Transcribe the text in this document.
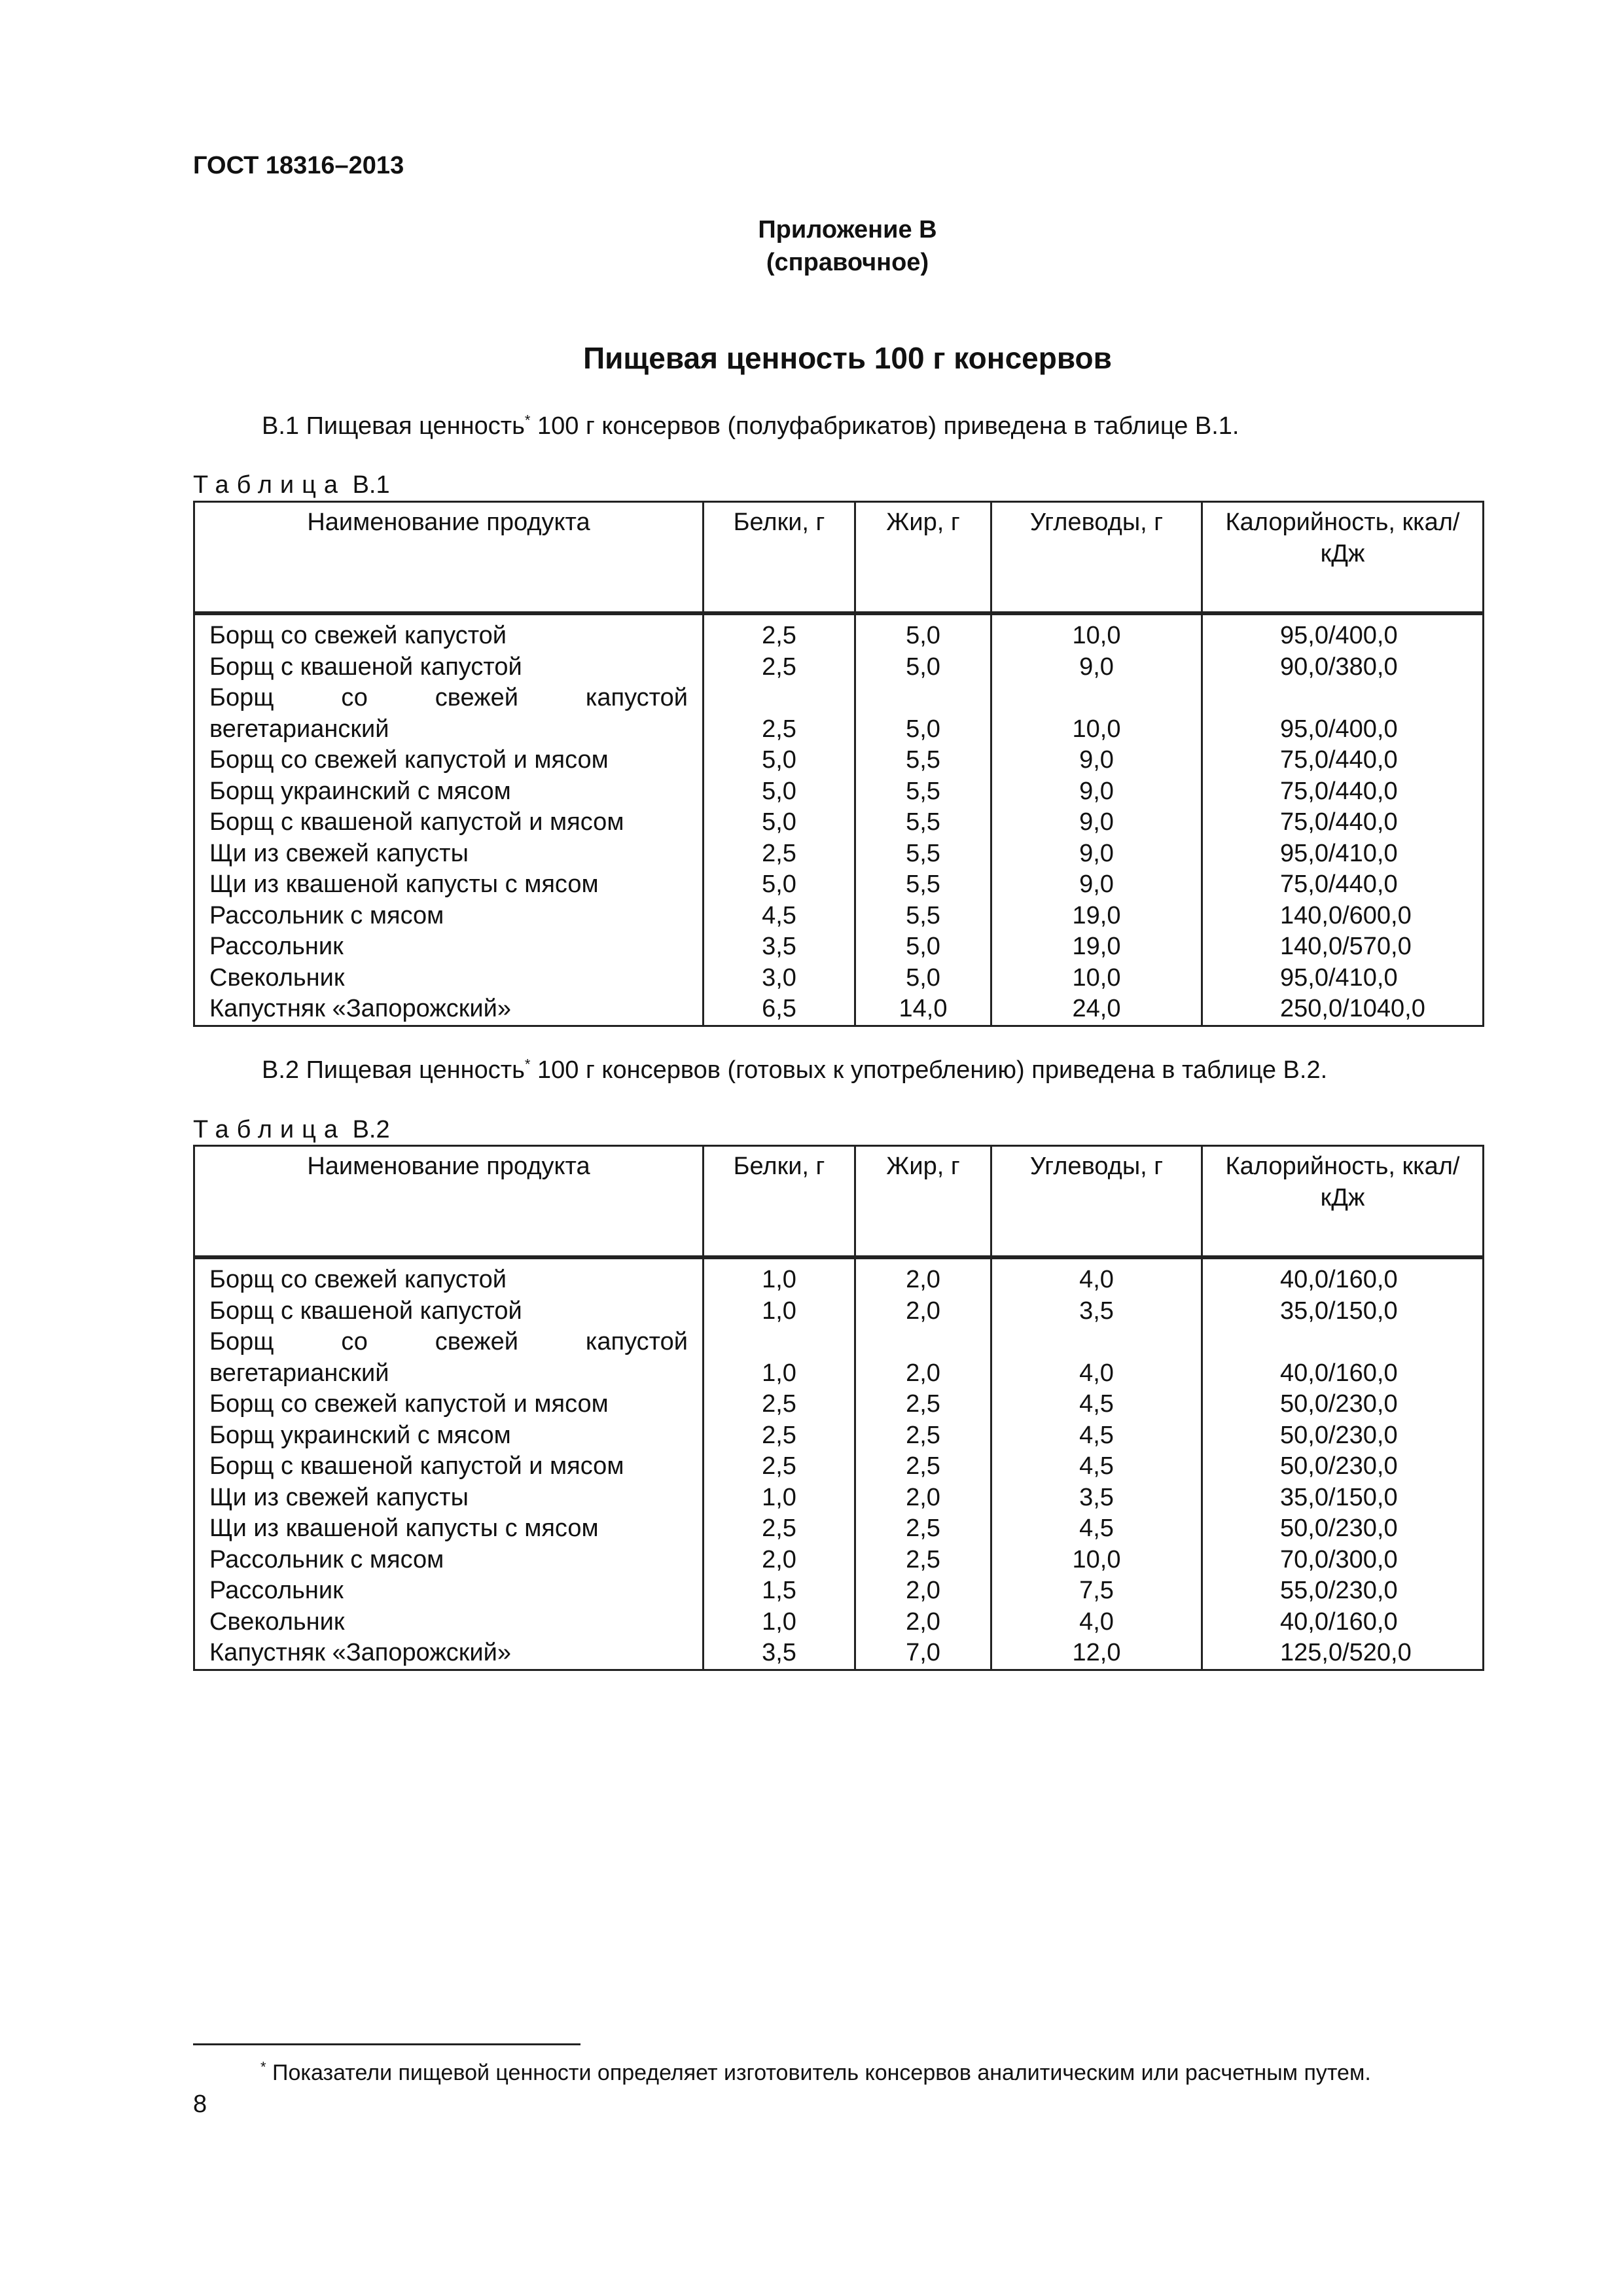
ГОСТ 18316–2013
Приложение В
(справочное)
Пищевая ценность 100 г консервов
В.1 Пищевая ценность* 100 г консервов (полуфабрикатов) приведена в таблице В.1.
Таблица В.1
Наименование продукта	Белки, г	Жир, г	Углеводы, г	Калорийность, ккал/кДж
Борщ со свежей капустой	2,5	5,0	10,0	95,0/400,0
Борщ с квашеной капустой	2,5	5,0	9,0	90,0/380,0
Борщ со свежей капустой вегетарианский	2,5	5,0	10,0	95,0/400,0
Борщ со свежей капустой и мясом	5,0	5,5	9,0	75,0/440,0
Борщ украинский с мясом	5,0	5,5	9,0	75,0/440,0
Борщ с квашеной капустой и мясом	5,0	5,5	9,0	75,0/440,0
Щи из свежей капусты	2,5	5,5	9,0	95,0/410,0
Щи из квашеной капусты с мясом	5,0	5,5	9,0	75,0/440,0
Рассольник с мясом	4,5	5,5	19,0	140,0/600,0
Рассольник	3,5	5,0	19,0	140,0/570,0
Свекольник	3,0	5,0	10,0	95,0/410,0
Капустняк «Запорожский»	6,5	14,0	24,0	250,0/1040,0
В.2 Пищевая ценность* 100 г консервов (готовых к употреблению) приведена в таблице В.2.
Таблица В.2
Наименование продукта	Белки, г	Жир, г	Углеводы, г	Калорийность, ккал/ кДж
Борщ со свежей капустой	1,0	2,0	4,0	40,0/160,0
Борщ с квашеной капустой	1,0	2,0	3,5	35,0/150,0
Борщ со свежей капустой вегетарианский	1,0	2,0	4,0	40,0/160,0
Борщ со свежей капустой и мясом	2,5	2,5	4,5	50,0/230,0
Борщ украинский с мясом	2,5	2,5	4,5	50,0/230,0
Борщ с квашеной капустой и мясом	2,5	2,5	4,5	50,0/230,0
Щи из свежей капусты	1,0	2,0	3,5	35,0/150,0
Щи из квашеной капусты с мясом	2,5	2,5	4,5	50,0/230,0
Рассольник с мясом	2,0	2,5	10,0	70,0/300,0
Рассольник	1,5	2,0	7,5	55,0/230,0
Свекольник	1,0	2,0	4,0	40,0/160,0
Капустняк «Запорожский»	3,5	7,0	12,0	125,0/520,0
* Показатели пищевой ценности определяет изготовитель консервов аналитическим или расчетным путем.
8
